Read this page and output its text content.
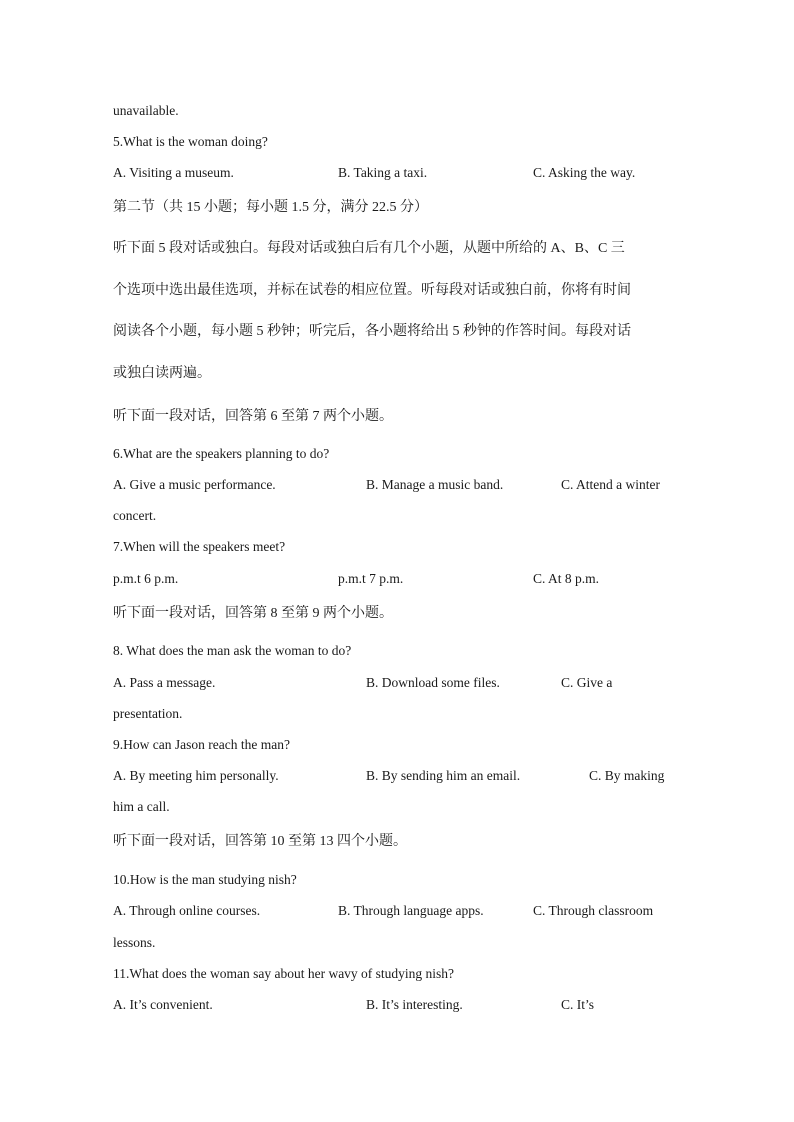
unavailable.
5.What is the woman doing?
A. Visiting a museum.	B. Taking a taxi.	C. Asking the way.
第二节（共 15 小题；每小题 1.5 分，满分 22.5 分）
听下面 5 段对话或独白。每段对话或独白后有几个小题，从题中所给的 A、B、C 三
个选项中选出最佳选项，并标在试卷的相应位置。听每段对话或独白前，你将有时间
阅读各个小题，每小题 5 秒钟；听完后，各小题将给出 5 秒钟的作答时间。每段对话
或独白读两遍。
听下面一段对话，回答第 6 至第 7 两个小题。
6.What are the speakers planning to do?
A. Give a music performance.	B. Manage a music band.	C. Attend a winter
concert.
7.When will the speakers meet?
p.m.t 6 p.m.	p.m.t 7 p.m.	C. At 8 p.m.
听下面一段对话，回答第 8 至第 9 两个小题。
8. What does the man ask the woman to do?
A. Pass a message.	B. Download some files.	C. Give a
presentation.
9.How can Jason reach the man?
A. By meeting him personally.	B. By sending him an email.	C. By making
him a call.
听下面一段对话，回答第 10 至第 13 四个小题。
10.How is the man studying nish?
A. Through online courses.	B. Through language apps.	C. Through classroom
lessons.
11.What does the woman say about her wavy of studying nish?
A. It’s convenient.	B. It’s interesting.	C. It’s
